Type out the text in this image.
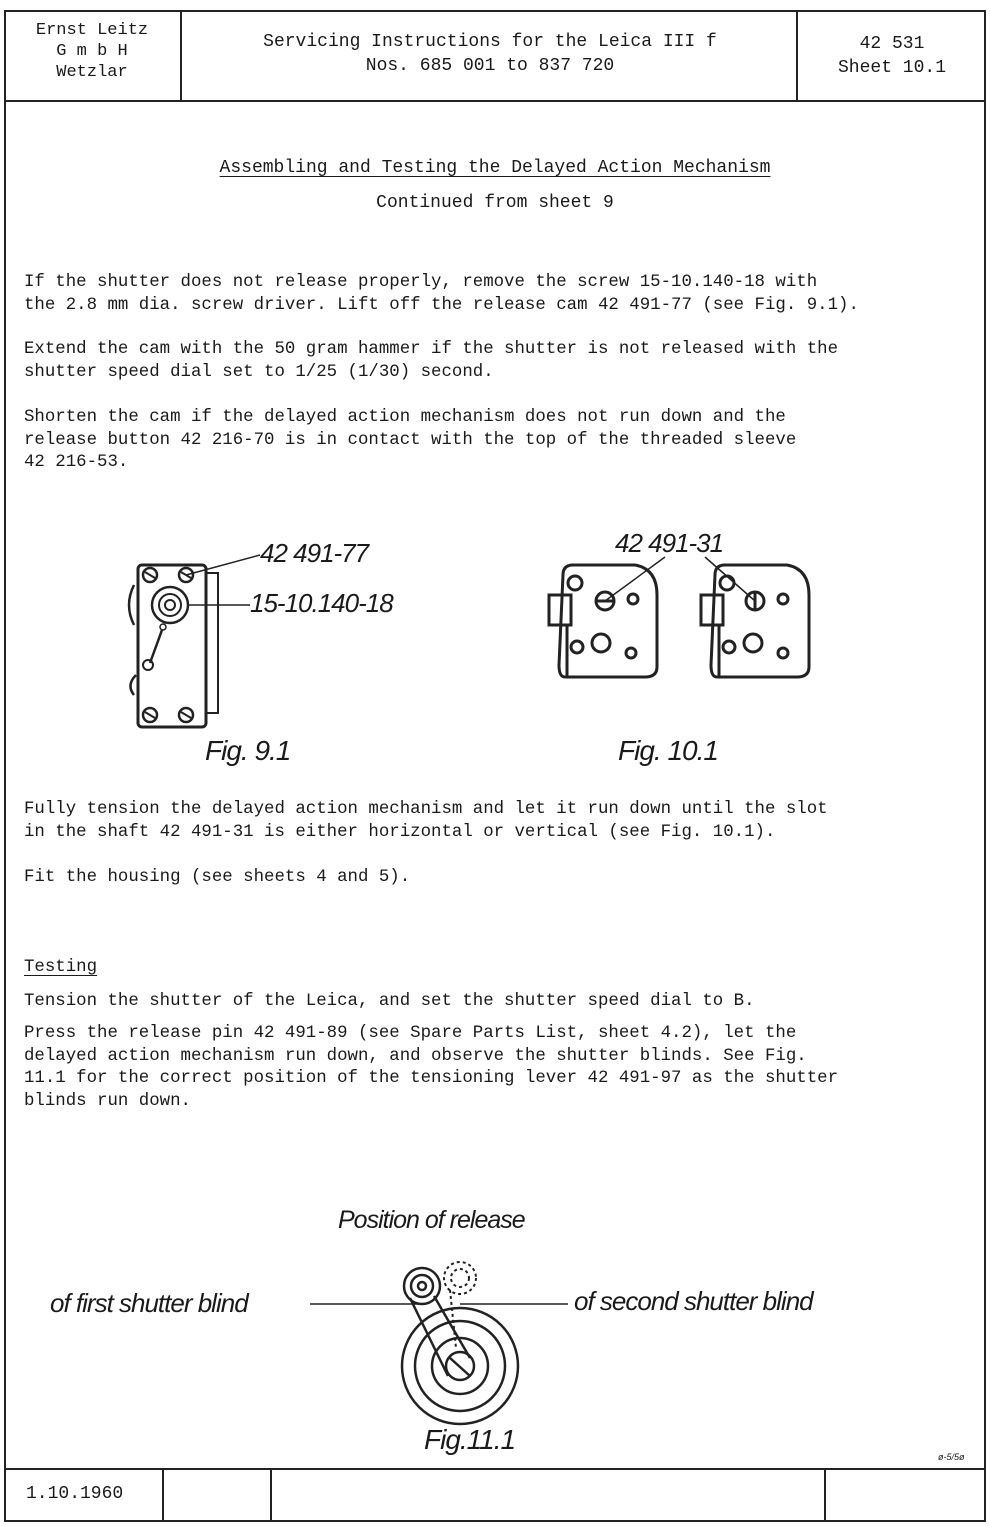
Ernst Leitz
G m b H
Wetzlar
Servicing Instructions for the Leica III f
Nos. 685 001 to 837 720
42 531
Sheet 10.1
Assembling and Testing the Delayed Action Mechanism
Continued from sheet 9
If the shutter does not release properly, remove the screw 15-10.140-18 with
the 2.8 mm dia. screw driver. Lift off the release cam 42 491-77 (see Fig. 9.1).
Extend the cam with the 50 gram hammer if the shutter is not released with the
shutter speed dial set to 1/25 (1/30) second.
Shorten the cam if the delayed action mechanism does not run down and the
release button 42 216-70 is in contact with the top of the threaded sleeve
42 216-53.
42 491-77
15-10.140-18
Fig. 9.1
42 491-31
Fig. 10.1
Fully tension the delayed action mechanism and let it run down until the slot
in the shaft 42 491-31 is either horizontal or vertical (see Fig. 10.1).
Fit the housing (see sheets 4 and 5).
Testing
Tension the shutter of the Leica, and set the shutter speed dial to B.
Press the release pin 42 491-89 (see Spare Parts List, sheet 4.2), let the
delayed action mechanism run down, and observe the shutter blinds. See Fig.
11.1 for the correct position of the tensioning lever 42 491-97 as the shutter
blinds run down.
Position of release
of first shutter blind	of second shutter blind
Fig.11.1
1.10.1960
ø-5/5ø
